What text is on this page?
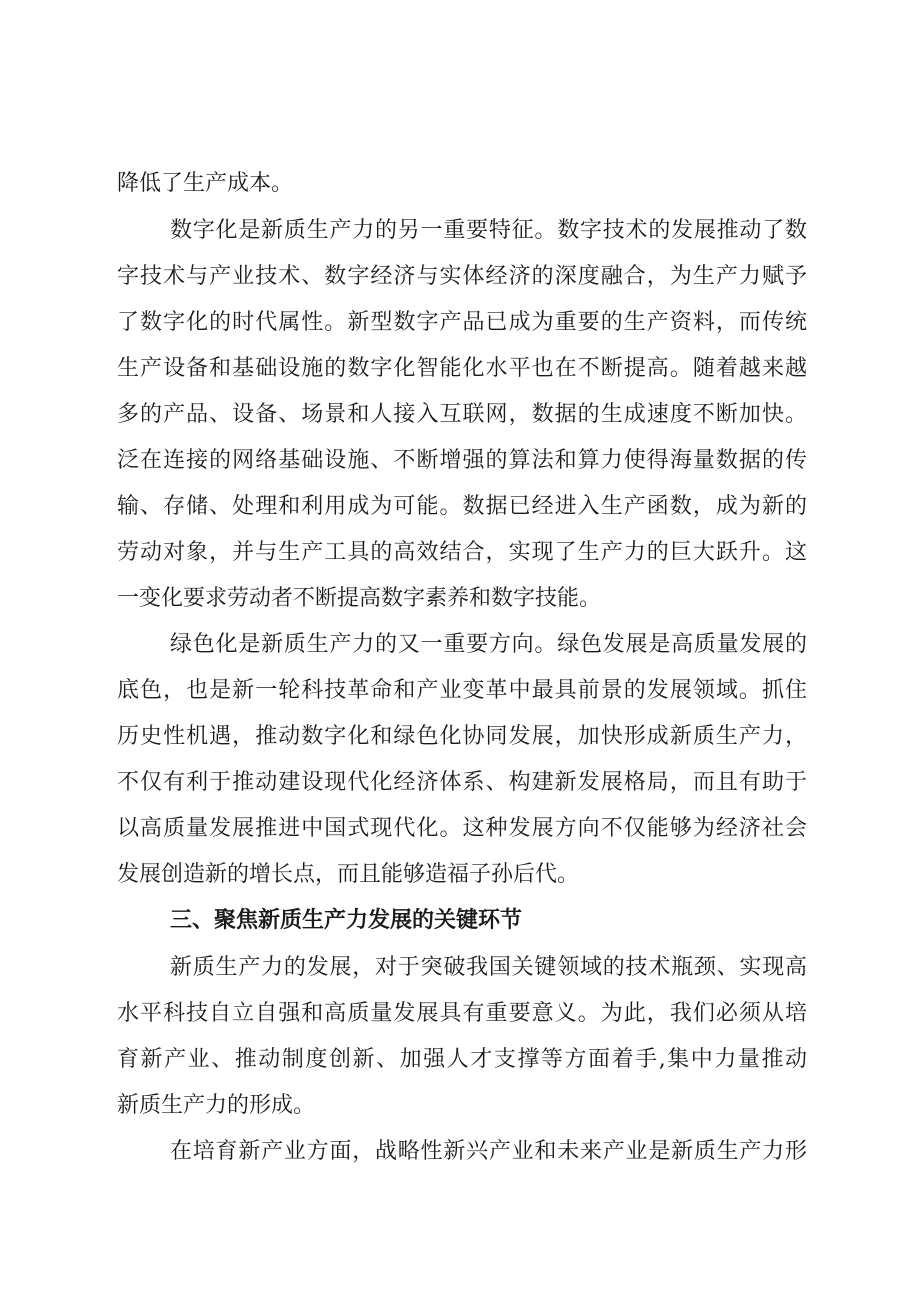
降低了生产成本。
数字化是新质生产力的另一重要特征。数字技术的发展推动了数
字技术与产业技术、数字经济与实体经济的深度融合，为生产力赋予
了数字化的时代属性。新型数字产品已成为重要的生产资料，而传统
生产设备和基础设施的数字化智能化水平也在不断提高。随着越来越
多的产品、设备、场景和人接入互联网，数据的生成速度不断加快。
泛在连接的网络基础设施、不断增强的算法和算力使得海量数据的传
输、存储、处理和利用成为可能。数据已经进入生产函数，成为新的
劳动对象，并与生产工具的高效结合，实现了生产力的巨大跃升。这
一变化要求劳动者不断提高数字素养和数字技能。
绿色化是新质生产力的又一重要方向。绿色发展是高质量发展的
底色，也是新一轮科技革命和产业变革中最具前景的发展领域。抓住
历史性机遇，推动数字化和绿色化协同发展，加快形成新质生产力，
不仅有利于推动建设现代化经济体系、构建新发展格局，而且有助于
以高质量发展推进中国式现代化。这种发展方向不仅能够为经济社会
发展创造新的增长点，而且能够造福子孙后代。
三、聚焦新质生产力发展的关键环节
新质生产力的发展，对于突破我国关键领域的技术瓶颈、实现高
水平科技自立自强和高质量发展具有重要意义。为此，我们必须从培
育新产业、推动制度创新、加强人才支撑等方面着手,集中力量推动
新质生产力的形成。
在培育新产业方面，战略性新兴产业和未来产业是新质生产力形
